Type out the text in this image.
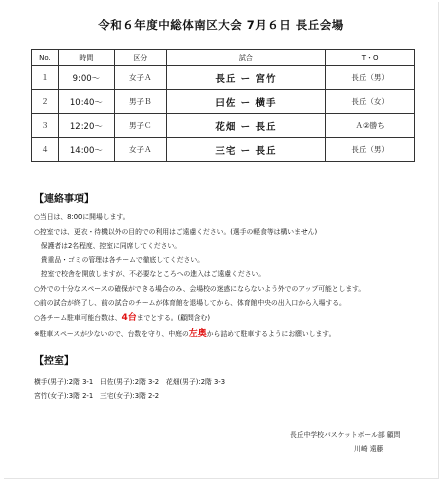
令和６年度中総体南区大会 7月６日 長丘会場
No.	時間	区分	試合	T・O
１	9:00～	女子Ａ	長丘 ー 宮竹	長丘（男）
２	10:40～	男子Ｂ	曰佐 ー 横手	長丘（女）
３	12:20～	男子Ｃ	花畑 ー 長丘	Ａ②勝ち
４	14:00～	女子Ａ	三宅 ー 長丘	長丘（男）
【連絡事項】
○当日は、8:00に開場します。
○控室では、更衣・待機以外の目的での利用はご遠慮ください。(選手の軽食等は構いません)
　保護者は2名程度、控室に同席してください。
　貴重品・ゴミの管理は各チームで徹底してください。
　控室で校舎を開放しますが、不必要なところへの進入はご遠慮ください。
○外での十分なスペースの確保ができる場合のみ、会場校の迷惑にならないよう外でのアップ可能とします。
○前の試合が終了し、前の試合のチームが体育館を退場してから、体育館中央の出入口から入場する。
○各チーム駐車可能台数は、4台までとする。(顧問含む)
※駐車スペースが少ないので、台数を守り、中庭の左奥から詰めて駐車するようにお願いします。
【控室】
横手(男子):2階 3-1　曰佐(男子):2階 3-2　花畑(男子):2階 3-3
宮竹(女子):3階 2-1　三宅(女子):3階 2-2
長丘中学校バスケットボール部 顧問
川崎 遠藤
